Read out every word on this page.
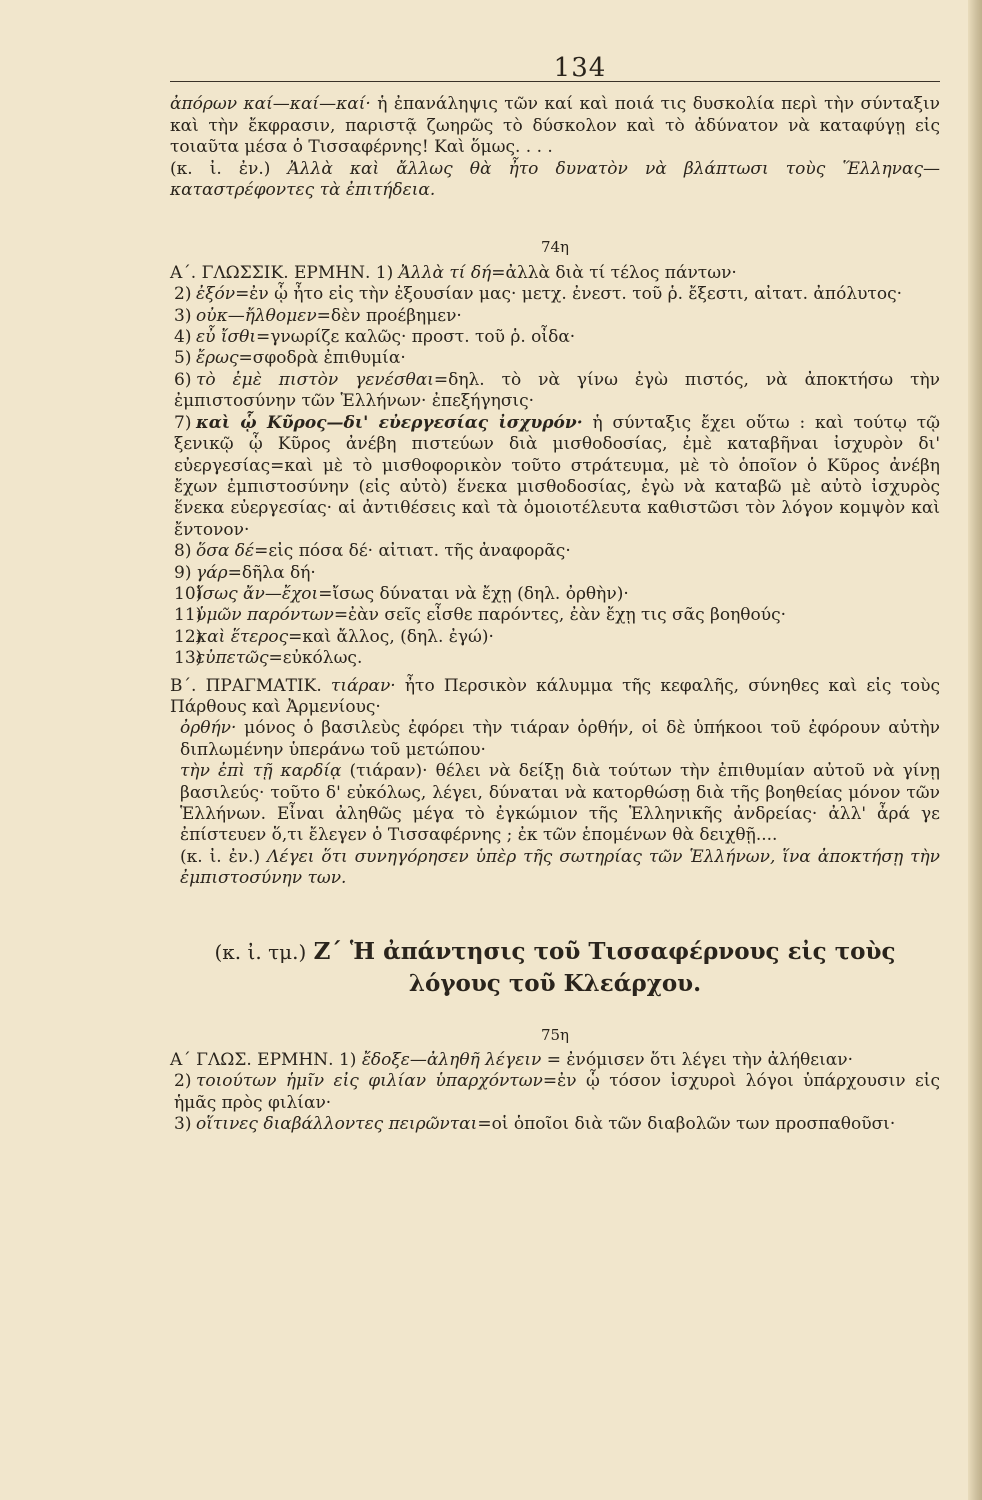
134

ἀπόρων καί—καί—καί· ἡ ἐπανάληψις τῶν καί καὶ ποιά τις δυσκολία περὶ τὴν σύνταξιν καὶ τὴν ἔκφρασιν, παριστᾷ ζωηρῶς τὸ δύσκολον καὶ τὸ ἀδύνατον νὰ καταφύγῃ εἰς τοιαῦτα μέσα ὁ Τισσαφέρνης! Καὶ ὅμως. . . .

(κ. ἰ. ἐν.) Ἀλλὰ καὶ ἄλλως θὰ ἦτο δυνατὸν νὰ βλάπτωσι τοὺς Ἕλληνας—καταστρέφοντες τὰ ἐπιτήδεια.

74η

Α΄. ΓΛΩΣΣΙΚ. ΕΡΜΗΝ. 1) Ἀλλὰ τί δή=ἀλλὰ διὰ τί τέλος πάντων·

2) ἐξόν=ἐν ᾧ ἦτο εἰς τὴν ἐξουσίαν μας· μετχ. ἐνεστ. τοῦ ῥ. ἔξεστι, αἰτατ. ἀπόλυτος·

3) οὐκ—ἤλθομεν=δὲν προέβημεν·

4) εὖ ἴσθι=γνωρίζε καλῶς· προστ. τοῦ ῥ. οἶδα·

5) ἔρως=σφοδρὰ ἐπιθυμία·

6) τὸ ἐμὲ πιστὸν γενέσθαι=δηλ. τὸ νὰ γίνω ἐγὼ πιστός, νὰ ἀποκτήσω τὴν ἐμπιστοσύνην τῶν Ἑλλήνων· ἐπεξήγησις·

7) καὶ ᾧ Κῦρος—δι' εὐεργεσίας ἰσχυρόν· ἡ σύνταξις ἔχει οὕτω : καὶ τούτῳ τῷ ξενικῷ ᾧ Κῦρος ἀνέβη πιστεύων διὰ μισθοδοσίας, ἐμὲ καταβῆναι ἰσχυρὸν δι' εὐεργεσίας=καὶ μὲ τὸ μισθοφορικὸν τοῦτο στράτευμα, μὲ τὸ ὁποῖον ὁ Κῦρος ἀνέβη ἔχων ἐμπιστοσύνην (εἰς αὐτὸ) ἕνεκα μισθοδοσίας, ἐγὼ νὰ καταβῶ μὲ αὐτὸ ἰσχυρὸς ἕνεκα εὐεργεσίας· αἱ ἀντιθέσεις καὶ τὰ ὁμοιοτέλευτα καθιστῶσι τὸν λόγον κομψὸν καὶ ἔντονον·

8) ὅσα δέ=εἰς πόσα δέ· αἰτιατ. τῆς ἀναφορᾶς·

9) γάρ=δῆλα δή·

10)ἴσως ἄν—ἔχοι=ἴσως δύναται νὰ ἔχῃ (δηλ. ὀρθὴν)·

11)ὑμῶν παρόντων=ἐὰν σεῖς εἶσθε παρόντες, ἐὰν ἔχῃ τις σᾶς βοηθούς·

12)καὶ ἕτερος=καὶ ἄλλος, (δηλ. ἐγώ)·

13)εὐπετῶς=εὐκόλως.

Β΄. ΠΡΑΓΜΑΤΙΚ. τιάραν· ἦτο Περσικὸν κάλυμμα τῆς κεφαλῆς, σύνηθες καὶ εἰς τοὺς Πάρθους καὶ Ἀρμενίους·

ὀρθήν· μόνος ὁ βασιλεὺς ἐφόρει τὴν τιάραν ὀρθήν, οἱ δὲ ὑπήκοοι τοῦ ἐφόρουν αὐτὴν διπλωμένην ὑπεράνω τοῦ μετώπου·

τὴν ἐπὶ τῇ καρδίᾳ (τιάραν)· θέλει νὰ δείξῃ διὰ τούτων τὴν ἐπιθυμίαν αὐτοῦ νὰ γίνῃ βασιλεύς· τοῦτο δ' εὐκόλως, λέγει, δύναται νὰ κατορθώσῃ διὰ τῆς βοηθείας μόνον τῶν Ἑλλήνων. Εἶναι ἀληθῶς μέγα τὸ ἐγκώμιον τῆς Ἑλληνικῆς ἀνδρείας· ἀλλ' ἆρά γε ἐπίστευεν ὅ,τι ἔλεγεν ὁ Τισσαφέρνης ; ἐκ τῶν ἑπομένων θὰ δειχθῇ....

(κ. ἰ. ἐν.) Λέγει ὅτι συνηγόρησεν ὑπὲρ τῆς σωτηρίας τῶν Ἑλλήνων, ἵνα ἀποκτήσῃ τὴν ἐμπιστοσύνην των.

(κ. ἰ. τμ.) Ζ΄ Ἡ ἀπάντησις τοῦ Τισσαφέρνους εἰς τοὺς
λόγους τοῦ Κλεάρχου.
75η

Α΄ ΓΛΩΣ. ΕΡΜΗΝ. 1) ἔδοξε—ἀληθῆ λέγειν = ἐνόμισεν ὅτι λέγει τὴν ἀλήθειαν·

2) τοιούτων ἡμῖν εἰς φιλίαν ὑπαρχόντων=ἐν ᾧ τόσον ἰσχυροὶ λόγοι ὑπάρχουσιν εἰς ἡμᾶς πρὸς φιλίαν·

3) οἵτινες διαβάλλοντες πειρῶνται=οἱ ὁποῖοι διὰ τῶν διαβολῶν των προσπαθοῦσι·
